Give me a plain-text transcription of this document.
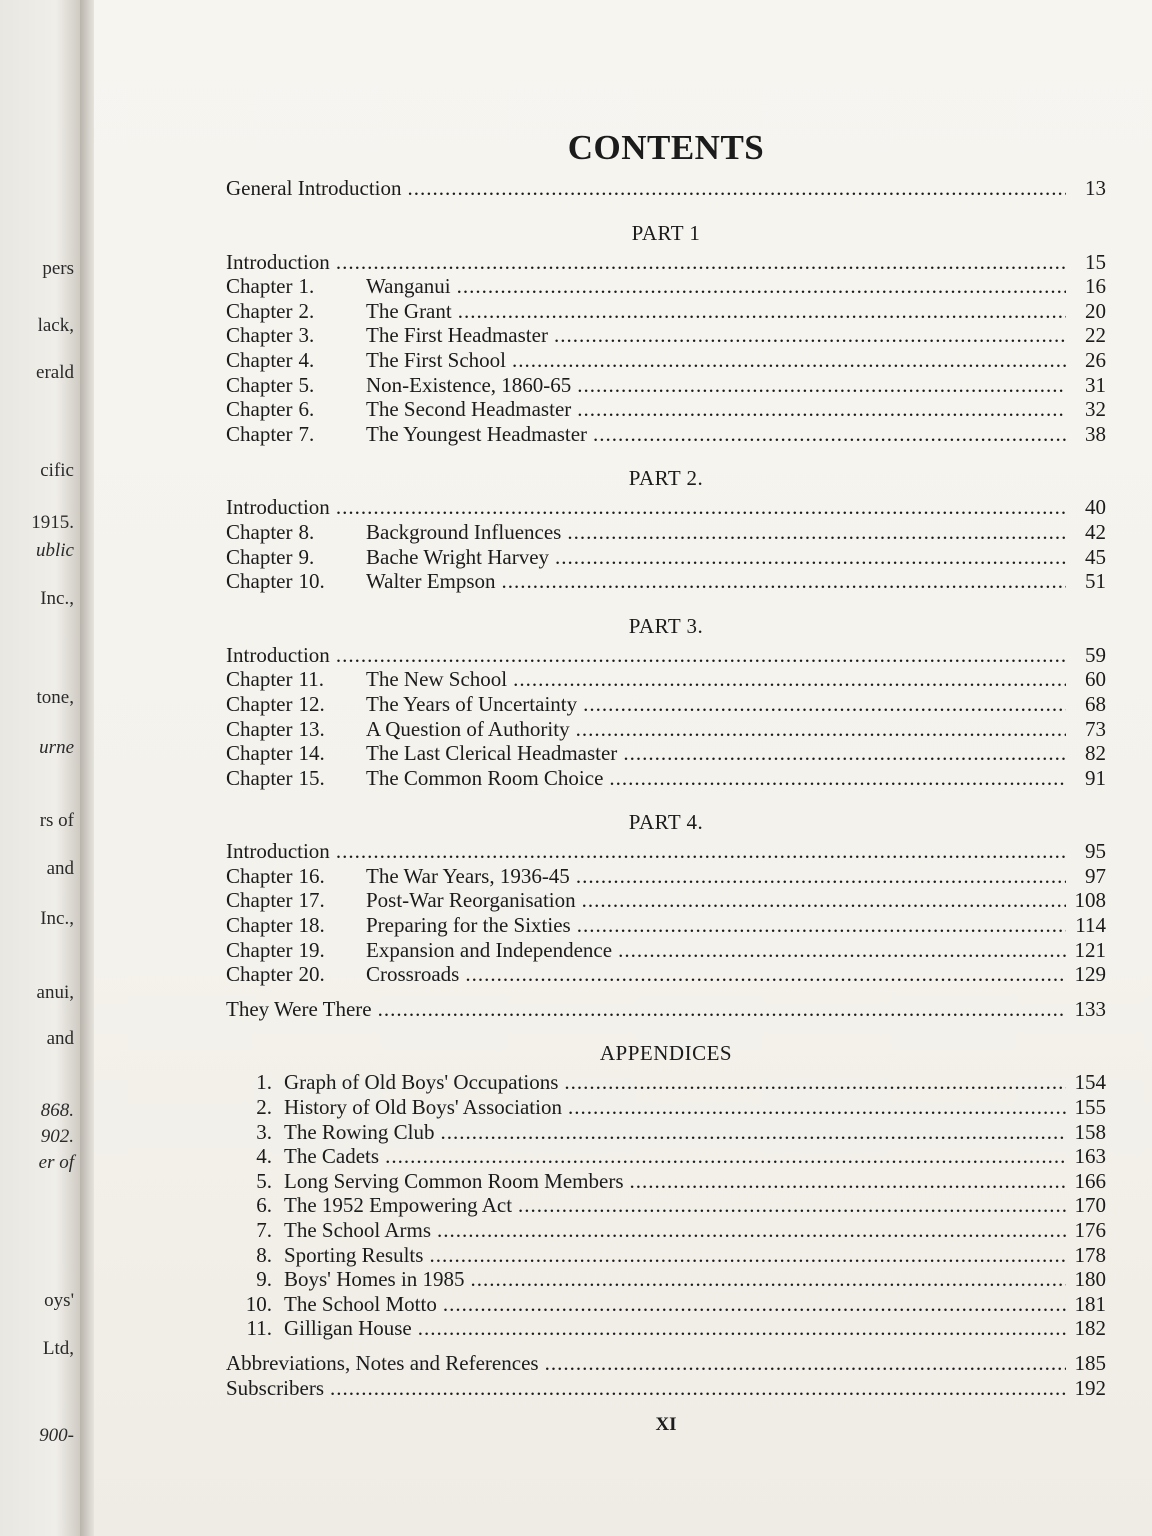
pers
lack,
erald
cific
1915.
ublic
Inc.,
tone,
urne
rs of
and
Inc.,
anui,
and
868.
902.
er of
oys'
Ltd,
900-
CONTENTS
General Introduction .....	13
PART 1
Introduction .....	15
Chapter 1. Wanganui .....	16
Chapter 2. The Grant .....	20
Chapter 3. The First Headmaster .....	22
Chapter 4. The First School .....	26
Chapter 5. Non-Existence, 1860-65 .....	31
Chapter 6. The Second Headmaster .....	32
Chapter 7. The Youngest Headmaster .....	38
PART 2.
Introduction .....	40
Chapter 8. Background Influences .....	42
Chapter 9. Bache Wright Harvey .....	45
Chapter 10. Walter Empson .....	51
PART 3.
Introduction .....	59
Chapter 11. The New School .....	60
Chapter 12. The Years of Uncertainty .....	68
Chapter 13. A Question of Authority .....	73
Chapter 14. The Last Clerical Headmaster .....	82
Chapter 15. The Common Room Choice .....	91
PART 4.
Introduction .....	95
Chapter 16. The War Years, 1936-45 .....	97
Chapter 17. Post-War Reorganisation .....	108
Chapter 18. Preparing for the Sixties .....	114
Chapter 19. Expansion and Independence .....	121
Chapter 20. Crossroads .....	129
They Were There .....	133
APPENDICES
1. Graph of Old Boys' Occupations .....	154
2. History of Old Boys' Association .....	155
3. The Rowing Club .....	158
4. The Cadets .....	163
5. Long Serving Common Room Members .....	166
6. The 1952 Empowering Act .....	170
7. The School Arms .....	176
8. Sporting Results .....	178
9. Boys' Homes in 1985 .....	180
10. The School Motto .....	181
11. Gilligan House .....	182
Abbreviations, Notes and References .....	185
Subscribers .....	192
XI
